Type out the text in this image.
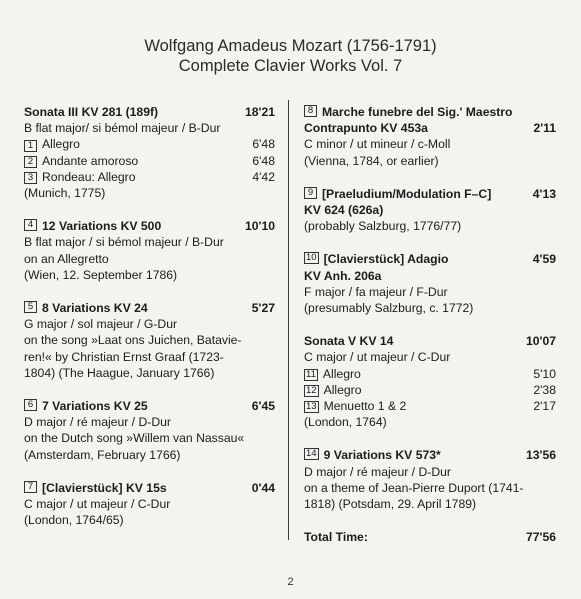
Wolfgang Amadeus Mozart (1756-1791)
Complete Clavier Works Vol. 7
Sonata III KV 281 (189f)	18'21
B flat major/ si bémol majeur / B-Dur
1 Allegro	6'48
2 Andante amoroso	6'48
3 Rondeau: Allegro	4'42
(Munich, 1775)
4 12 Variations KV 500	10'10
B flat major / si bémol majeur / B-Dur
on an Allegretto
(Wien, 12. September 1786)
5 8 Variations KV 24	5'27
G major / sol majeur / G-Dur
on the song »Laat ons Juichen, Batavie-
ren!« by Christian Ernst Graaf (1723-
1804) (The Haague, January 1766)
6 7 Variations KV 25	6'45
D major / ré majeur / D-Dur
on the Dutch song »Willem van Nassau«
(Amsterdam, February 1766)
7 [Clavierstück] KV 15s	0'44
C major / ut majeur / C-Dur
(London, 1764/65)
8 Marche funebre del Sig.' Maestro
Contrapunto KV 453a	2'11
C minor / ut mineur / c-Moll
(Vienna, 1784, or earlier)
9 [Praeludium/Modulation F–C]	4'13
KV 624 (626a)
(probably Salzburg, 1776/77)
10 [Clavierstück] Adagio	4'59
KV Anh. 206a
F major / fa majeur / F-Dur
(presumably Salzburg, c. 1772)
Sonata V KV 14	10'07
C major / ut majeur / C-Dur
11 Allegro	5'10
12 Allegro	2'38
13 Menuetto 1 & 2	2'17
(London, 1764)
14 9 Variations KV 573*	13'56
D major / ré majeur / D-Dur
on a theme of Jean-Pierre Duport (1741-
1818) (Potsdam, 29. April 1789)
Total Time:	77'56
2
